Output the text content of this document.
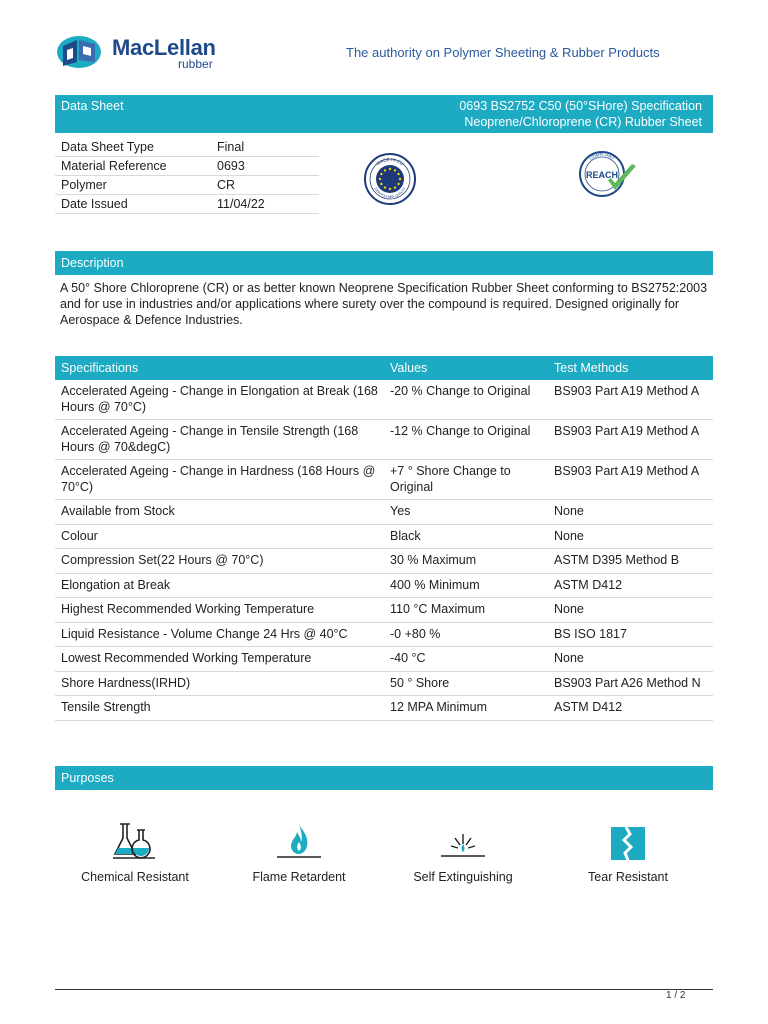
MacLellan
rubber
The authority on Polymer Sheeting & Rubber Products
Data Sheet	0693 BS2752 C50 (50°SHore) Specification
Neoprene/Chloroprene (CR) Rubber Sheet
Data Sheet Type	Final
Material Reference	0693
Polymer	CR
Date Issued	11/04/22
MADE IN EU
100% POLYMER QUALITY
COMPLIANT
REACH
Description
A 50° Shore Chloroprene (CR) or as better known Neoprene Specification Rubber Sheet conforming to BS2752:2003 and for use in industries and/or applications where surety over the compound is required. Designed originally for Aerospace & Defence Industries.
Specifications	Values	Test Methods
Accelerated Ageing - Change in Elongation at Break (168 Hours @ 70°C)	-20 % Change to Original	BS903 Part A19 Method A
Accelerated Ageing - Change in Tensile Strength (168 Hours @ 70&degC)	-12 % Change to Original	BS903 Part A19 Method A
Accelerated Ageing - Change in Hardness (168 Hours @ 70°C)	+7 ° Shore Change to Original	BS903 Part A19 Method A
Available from Stock	Yes	None
Colour	Black	None
Compression Set(22 Hours @ 70°C)	30 % Maximum	ASTM D395 Method B
Elongation at Break	400 % Minimum	ASTM D412
Highest Recommended Working Temperature	110 °C Maximum	None
Liquid Resistance - Volume Change 24 Hrs @ 40°C	-0 +80 %	BS ISO 1817
Lowest Recommended Working Temperature	-40 °C	None
Shore Hardness(IRHD)	50 ° Shore	BS903 Part A26 Method N
Tensile Strength	12 MPA Minimum	ASTM D412
Purposes
Chemical Resistant	Flame Retardent	Self Extinguishing	Tear Resistant
1 / 2
